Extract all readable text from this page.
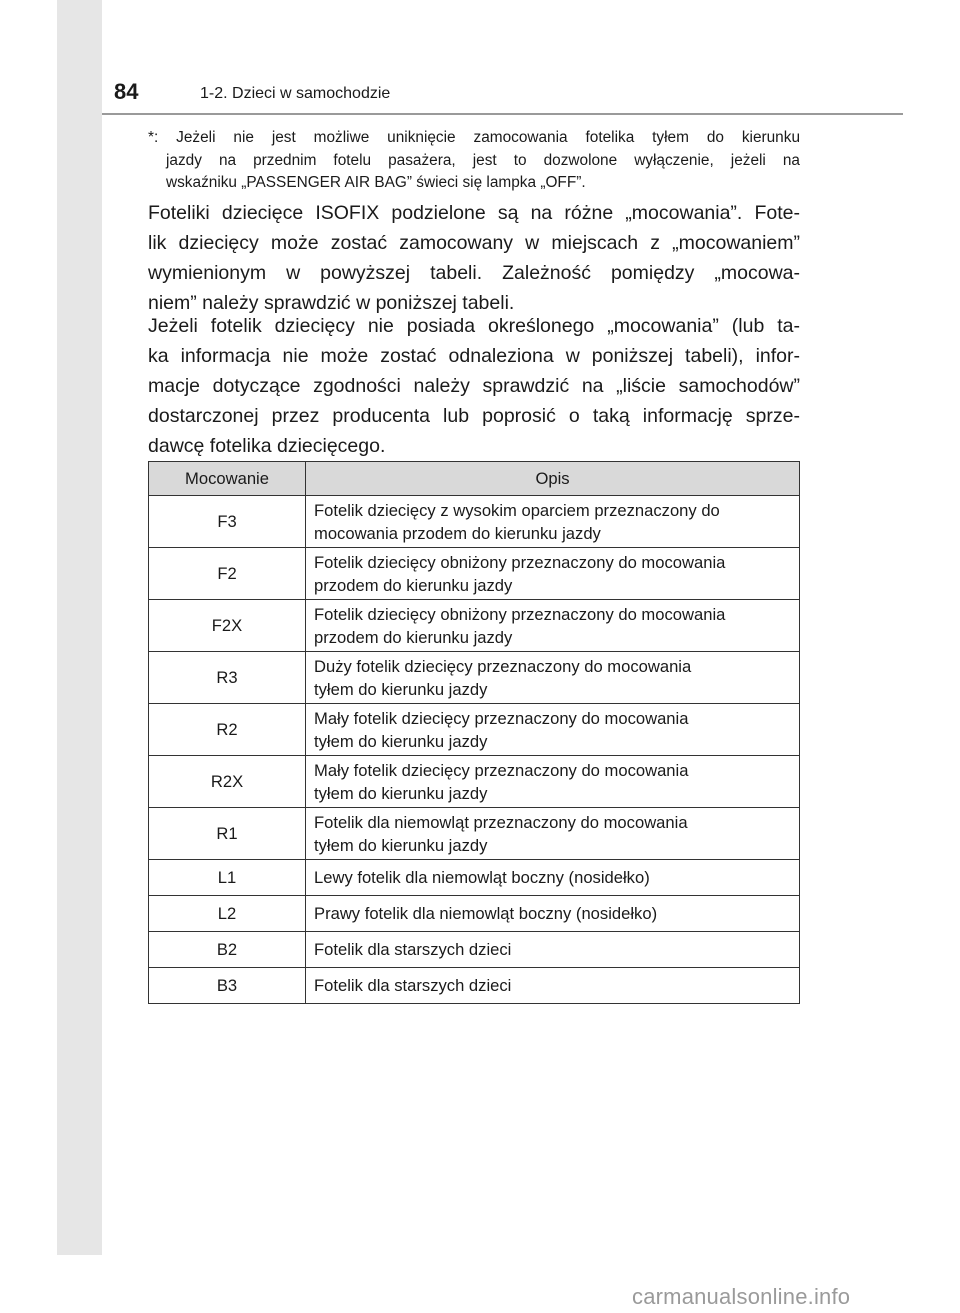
84	1-2. Dzieci w samochodzie
*: Jeżeli nie jest możliwe uniknięcie zamocowania fotelika tyłem do kierunku
jazdy na przednim fotelu pasażera, jest to dozwolone wyłączenie, jeżeli na
wskaźniku „PASSENGER AIR BAG” świeci się lampka „OFF”.
Foteliki dziecięce ISOFIX podzielone są na różne „mocowania”. Fote-
lik dziecięcy może zostać zamocowany w miejscach z „mocowaniem”
wymienionym w powyższej tabeli. Zależność pomiędzy „mocowa-
niem” należy sprawdzić w poniższej tabeli.
Jeżeli fotelik dziecięcy nie posiada określonego „mocowania” (lub ta-
ka informacja nie może zostać odnaleziona w poniższej tabeli), infor-
macje dotyczące zgodności należy sprawdzić na „liście samochodów”
dostarczonej przez producenta lub poprosić o taką informację sprze-
dawcę fotelika dziecięcego.
Mocowanie	Opis
F3	Fotelik dziecięcy z wysokim oparciem przeznaczony do
mocowania przodem do kierunku jazdy

F2	Fotelik dziecięcy obniżony przeznaczony do mocowania
przodem do kierunku jazdy

F2X	Fotelik dziecięcy obniżony przeznaczony do mocowania
przodem do kierunku jazdy

R3	Duży fotelik dziecięcy przeznaczony do mocowania
tyłem do kierunku jazdy

R2	Mały fotelik dziecięcy przeznaczony do mocowania
tyłem do kierunku jazdy

R2X	Mały fotelik dziecięcy przeznaczony do mocowania
tyłem do kierunku jazdy

R1	Fotelik dla niemowląt przeznaczony do mocowania
tyłem do kierunku jazdy

L1	Lewy fotelik dla niemowląt boczny (nosidełko)

L2	Prawy fotelik dla niemowląt boczny (nosidełko)

B2	Fotelik dla starszych dzieci

B3	Fotelik dla starszych dzieci
carmanualsonline.info
